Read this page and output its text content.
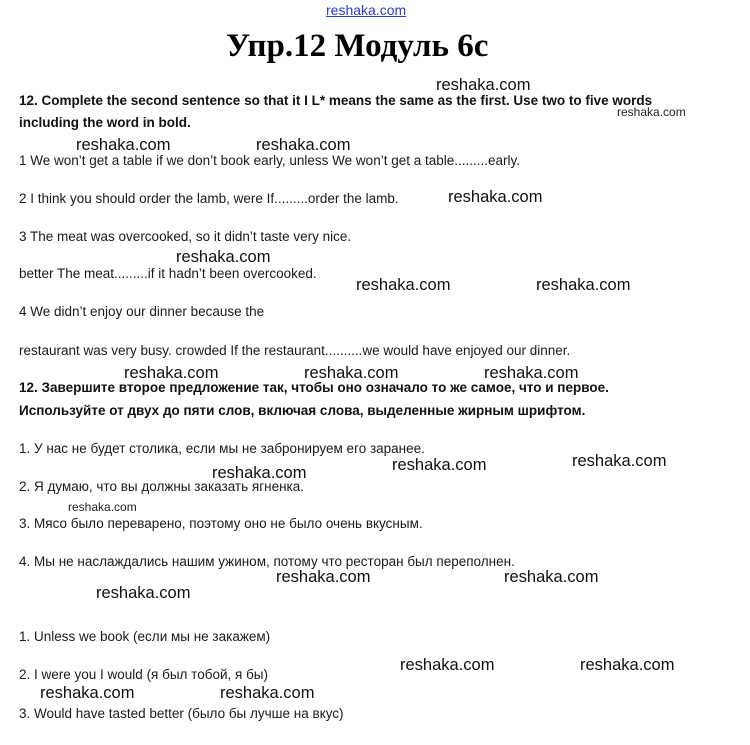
reshaka.com
Упр.12 Модуль 6с
12. Complete the second sentence so that it I L* means the same as the first. Use two to five words
including the word in bold.
1 We won’t get a table if we don’t book early, unless We won’t get a table.........early.
2 I think you should order the lamb, were If.........order the lamb.
3 The meat was overcooked, so it didn’t taste very nice.
better The meat.........if it hadn’t been overcooked.
4 We didn’t enjoy our dinner because the
restaurant was very busy. crowded If the restaurant..........we would have enjoyed our dinner.
12. Завершите второе предложение так, чтобы оно означало то же самое, что и первое.
Используйте от двух до пяти слов, включая слова, выделенные жирным шрифтом.
1. У нас не будет столика, если мы не забронируем его заранее.
2. Я думаю, что вы должны заказать ягненка.
3. Мясо было переварено, поэтому оно не было очень вкусным.
4. Мы не наслаждались нашим ужином, потому что ресторан был переполнен.
1. Unless we book (если мы не закажем)
2. I were you I would (я был тобой, я бы)
3. Would have tasted better (было бы лучше на вкус)
reshaka.com
reshaka.com
reshaka.com	reshaka.com
reshaka.com
reshaka.com
reshaka.com	reshaka.com
reshaka.com	reshaka.com	reshaka.com
reshaka.com
reshaka.com
reshaka.com
reshaka.com
reshaka.com	reshaka.com
reshaka.com
reshaka.com	reshaka.com
reshaka.com	reshaka.com
